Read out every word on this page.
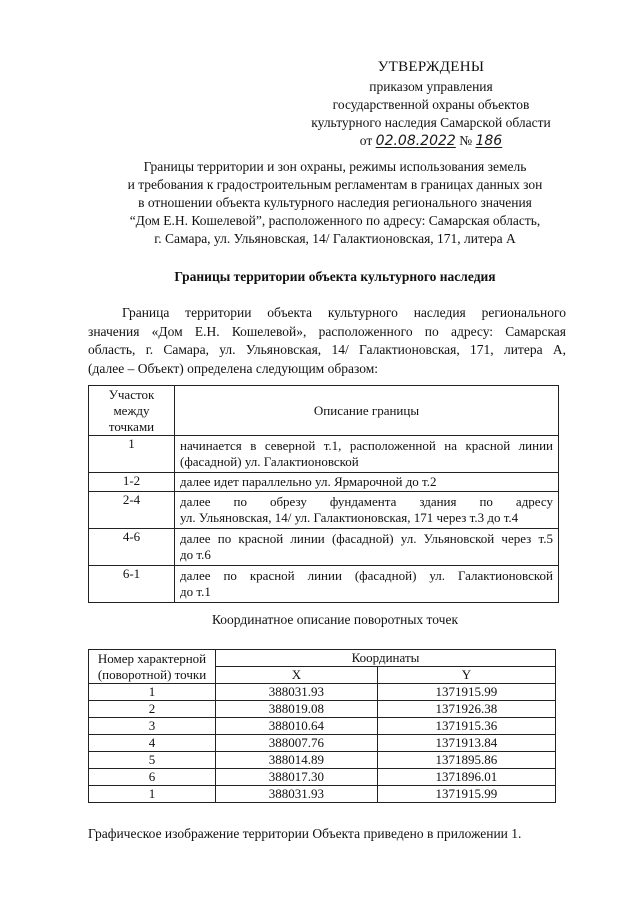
УТВЕРЖДЕНЫ
приказом управления
государственной охраны объектов
культурного наследия Самарской области
от 02.08.2022 № 186
Границы территории и зон охраны, режимы использования земель
и требования к градостроительным регламентам в границах данных зон
в отношении объекта культурного наследия регионального значения
“Дом Е.Н. Кошелевой”, расположенного по адресу: Самарская область,
г. Самара, ул. Ульяновская, 14/ Галактионовская, 171, литера А
Границы территории объекта культурного наследия
Граница территории объекта культурного наследия регионального
значения «Дом Е.Н. Кошелевой», расположенного по адресу: Самарская
область, г. Самара, ул. Ульяновская, 14/ Галактионовская, 171, литера А,
(далее – Объект) определена следующим образом:
Участок
между
точками	Описание границы
1	начинается в северной т.1, расположенной на красной линии
(фасадной) ул. Галактионовской

1-2	далее идет параллельно ул. Ярмарочной до т.2

2-4	далее по обрезу фундамента здания по адресу
ул. Ульяновская, 14/ ул. Галактионовская, 171 через т.3 до т.4

4-6	далее по красной линии (фасадной) ул. Ульяновской через т.5
до т.6

6-1	далее по красной линии (фасадной) ул. Галактионовской
до т.1
Координатное описание поворотных точек
Номер характерной
(поворотной) точки	Координаты	
	X	Y
1	388031.93	1371915.99
2	388019.08	1371926.38
3	388010.64	1371915.36
4	388007.76	1371913.84
5	388014.89	1371895.86
6	388017.30	1371896.01
1	388031.93	1371915.99
Графическое изображение территории Объекта приведено в приложении 1.
